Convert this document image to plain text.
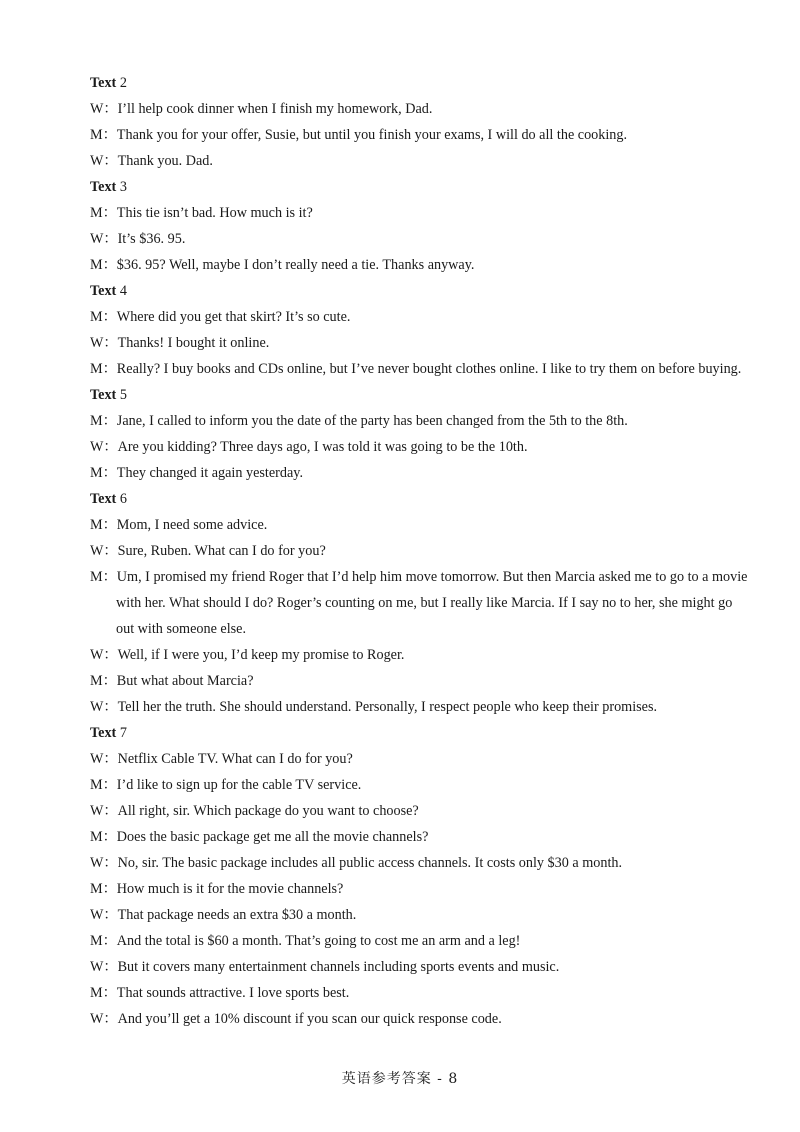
Text 2
W：I’ll help cook dinner when I finish my homework, Dad.
M：Thank you for your offer, Susie, but until you finish your exams, I will do all the cooking.
W：Thank you. Dad.
Text 3
M：This tie isn’t bad. How much is it?
W：It’s $36. 95.
M：$36. 95? Well, maybe I don’t really need a tie. Thanks anyway.
Text 4
M：Where did you get that skirt? It’s so cute.
W：Thanks! I bought it online.
M：Really? I buy books and CDs online, but I’ve never bought clothes online. I like to try them on before buying.
Text 5
M：Jane, I called to inform you the date of the party has been changed from the 5th to the 8th.
W：Are you kidding? Three days ago, I was told it was going to be the 10th.
M：They changed it again yesterday.
Text 6
M：Mom, I need some advice.
W：Sure, Ruben. What can I do for you?
M：Um, I promised my friend Roger that I’d help him move tomorrow. But then Marcia asked me to go to a movie with her. What should I do? Roger’s counting on me, but I really like Marcia. If I say no to her, she might go out with someone else.
W：Well, if I were you, I’d keep my promise to Roger.
M：But what about Marcia?
W：Tell her the truth. She should understand. Personally, I respect people who keep their promises.
Text 7
W：Netflix Cable TV. What can I do for you?
M：I’d like to sign up for the cable TV service.
W：All right, sir. Which package do you want to choose?
M：Does the basic package get me all the movie channels?
W：No, sir. The basic package includes all public access channels. It costs only $30 a month.
M：How much is it for the movie channels?
W：That package needs an extra $30 a month.
M：And the total is $60 a month. That’s going to cost me an arm and a leg!
W：But it covers many entertainment channels including sports events and music.
M：That sounds attractive. I love sports best.
W：And you’ll get a 10% discount if you scan our quick response code.
英语参考答案 - 8
